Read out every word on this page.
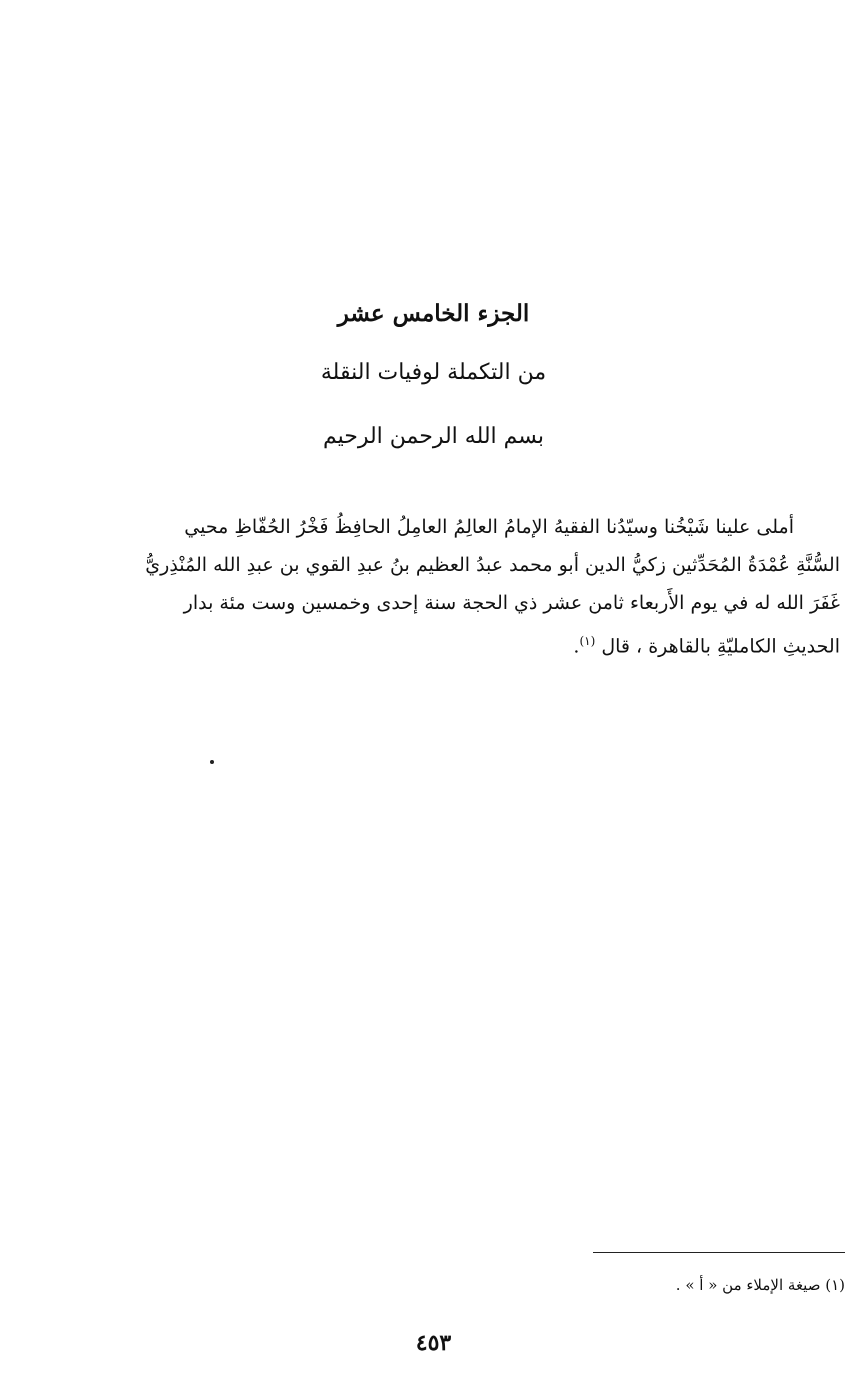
الجزء الخامس عشر
من التكملة لوفيات النقلة
بسم الله الرحمن الرحيم
أملى علينا شَيْخُنا وسيّدُنا الفقيهُ الإمامُ العالِمُ العامِلُ الحافِظُ فَخْرُ الحُفّاظِ محيي
السُّنَّةِ عُمْدَةُ المُحَدِّثين زكيُّ الدين أبو محمد عبدُ العظيم بنُ عبدِ القوي بن عبدِ الله المُنْذِريُّ
غَفَرَ الله له في يوم الأَربعاء ثامن عشر ذي الحجة سنة إحدى وخمسين وست مئة بدار
الحديثِ الكامليّةِ بالقاهرة ، قال $^{(١)}$.
(١) صيغة الإملاء من « أ » .
٤٥٣
